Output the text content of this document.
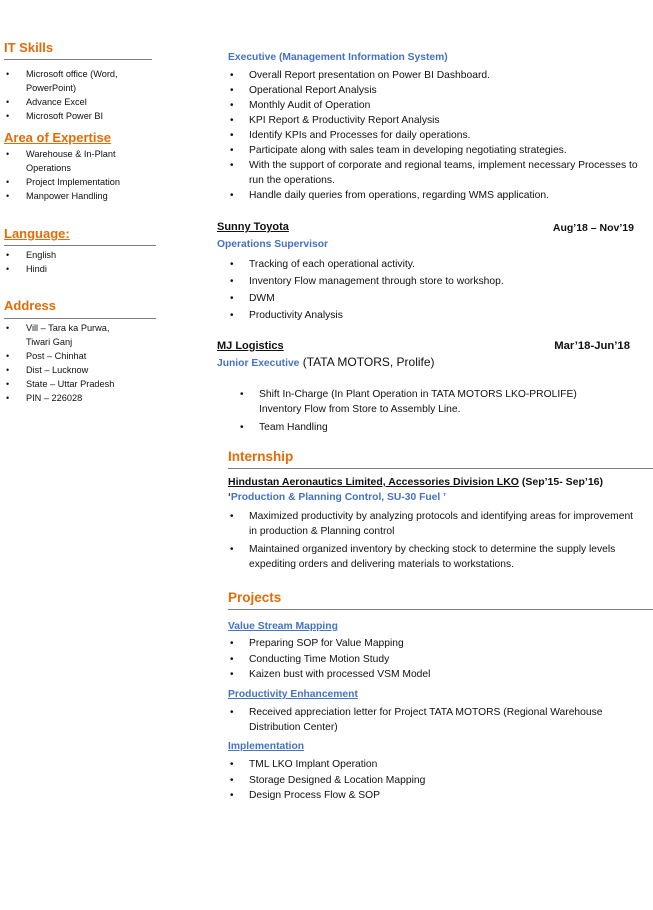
IT Skills
• Microsoft office (Word, PowerPoint)
• Advance Excel
• Microsoft Power BI
Area of Expertise
• Warehouse & In-Plant Operations
• Project Implementation
• Manpower Handling
Language:
• English
• Hindi
Address
• Vill – Tara ka Purwa, Tiwari Ganj
• Post – Chinhat
• Dist – Lucknow
• State – Uttar Pradesh
• PIN – 226028
Executive (Management Information System)
• Overall Report presentation on Power BI Dashboard.
• Operational Report Analysis
• Monthly Audit of Operation
• KPI Report & Productivity Report Analysis
• Identify KPIs and Processes for daily operations.
• Participate along with sales team in developing negotiating strategies.
• With the support of corporate and regional teams, implement necessary Processes to run the operations.
• Handle daily queries from operations, regarding WMS application.
Sunny Toyota	Aug’18 – Nov’19
Operations Supervisor
• Tracking of each operational activity.
• Inventory Flow management through store to workshop.
• DWM
• Productivity Analysis
MJ Logistics	Mar’18-Jun’18
Junior Executive (TATA MOTORS, Prolife)
• Shift In-Charge (In Plant Operation in TATA MOTORS LKO-PROLIFE) Inventory Flow from Store to Assembly Line.
• Team Handling
Internship
Hindustan Aeronautics Limited, Accessories Division LKO (Sep’15- Sep’16)
‘Production & Planning Control, SU-30 Fuel ’
• Maximized productivity by analyzing protocols and identifying areas for improvement in production & Planning control
• Maintained organized inventory by checking stock to determine the supply levels expediting orders and delivering materials to workstations.
Projects
Value Stream Mapping
• Preparing SOP for Value Mapping
• Conducting Time Motion Study
• Kaizen bust with processed VSM Model
Productivity Enhancement
• Received appreciation letter for Project TATA MOTORS (Regional Warehouse Distribution Center)
Implementation
• TML LKO Implant Operation
• Storage Designed & Location Mapping
• Design Process Flow & SOP
